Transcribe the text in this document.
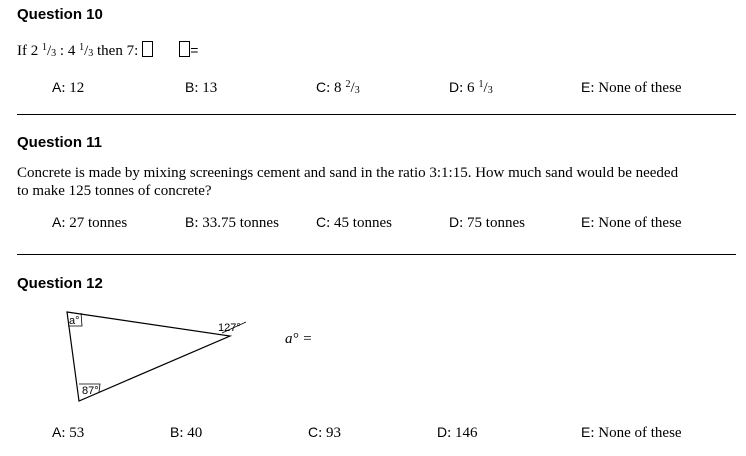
Question 10
If 2 $^1/_3$ : 4 $^1/_3$ then 7:	=
A: 12	B: 13	C: 8 $^2/_3$	D: 6 $^1/_3$	E: None of these
Question 11
Concrete is made by mixing screenings cement and sand in the ratio 3:1:15. How much sand would be needed
to make 125 tonnes of concrete?
A: 27 tonnes	B: 33.75 tonnes	C: 45 tonnes	D: 75 tonnes	E: None of these
Question 12
a°
127°
87°
a° =
A: 53	B: 40	C: 93	D: 146	E: None of these
